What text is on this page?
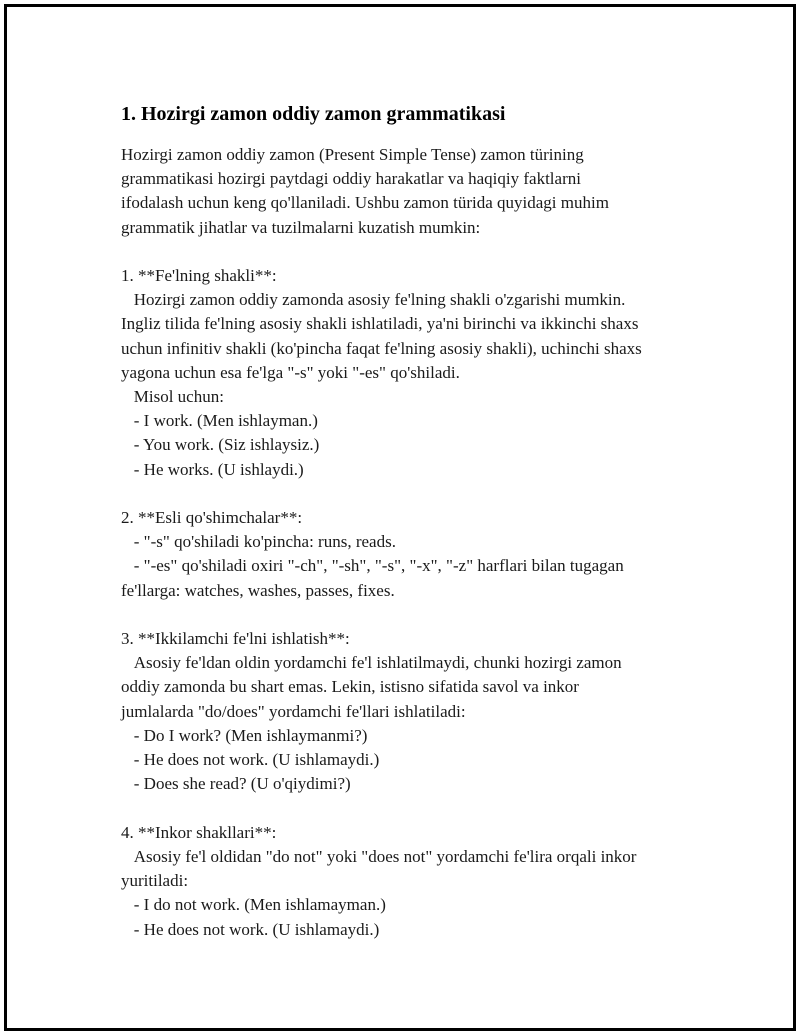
1. Hozirgi zamon oddiy zamon grammatikasi

Hozirgi zamon oddiy zamon (Present Simple Tense) zamon türining
grammatikasi hozirgi paytdagi oddiy harakatlar va haqiqiy faktlarni
ifodalash uchun keng qo'llaniladi. Ushbu zamon türida quyidagi muhim
grammatik jihatlar va tuzilmalarni kuzatish mumkin:

1. **Fe'lning shakli**:
Hozirgi zamon oddiy zamonda asosiy fe'lning shakli o'zgarishi mumkin.
Ingliz tilida fe'lning asosiy shakli ishlatiladi, ya'ni birinchi va ikkinchi shaxs
uchun infinitiv shakli (ko'pincha faqat fe'lning asosiy shakli), uchinchi shaxs
yagona uchun esa fe'lga "-s" yoki "-es" qo'shiladi.
Misol uchun:
- I work. (Men ishlayman.)
- You work. (Siz ishlaysiz.)
- He works. (U ishlaydi.)

2. **Esli qo'shimchalar**:
- "-s" qo'shiladi ko'pincha: runs, reads.
- "-es" qo'shiladi oxiri "-ch", "-sh", "-s", "-x", "-z" harflari bilan tugagan
fe'llarga: watches, washes, passes, fixes.

3. **Ikkilamchi fe'lni ishlatish**:
Asosiy fe'ldan oldin yordamchi fe'l ishlatilmaydi, chunki hozirgi zamon
oddiy zamonda bu shart emas. Lekin, istisno sifatida savol va inkor
jumlalarda "do/does" yordamchi fe'llari ishlatiladi:
- Do I work? (Men ishlaymanmi?)
- He does not work. (U ishlamaydi.)
- Does she read? (U o'qiydimi?)

4. **Inkor shakllari**:
Asosiy fe'l oldidan "do not" yoki "does not" yordamchi fe'lira orqali inkor
yuritiladi:
- I do not work. (Men ishlamayman.)
- He does not work. (U ishlamaydi.)
